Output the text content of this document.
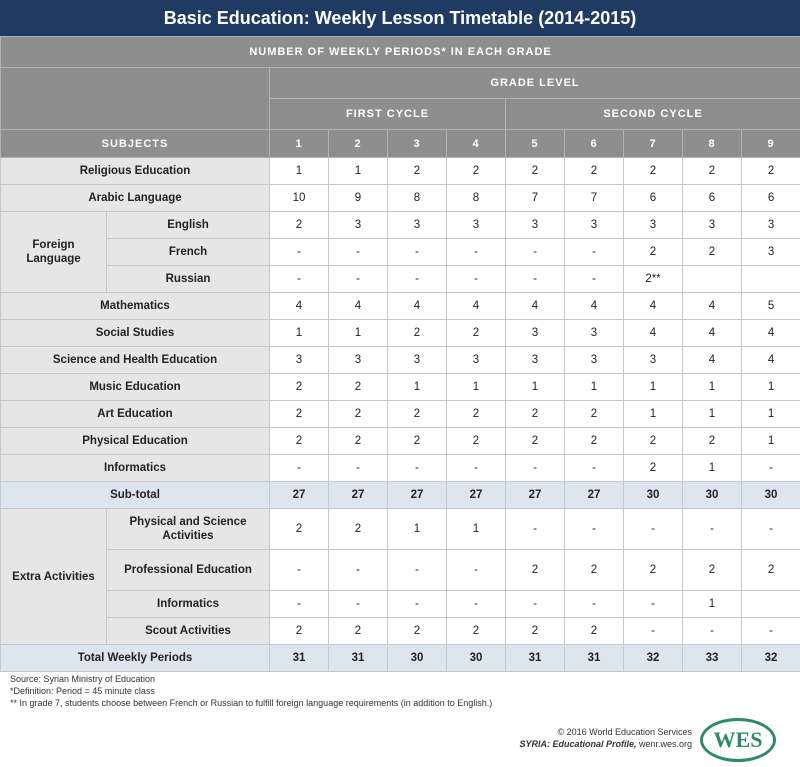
Basic Education: Weekly Lesson Timetable (2014-2015)
NUMBER OF WEEKLY PERIODS* IN EACH GRADE										
		GRADE LEVEL								
		FIRST CYCLE				SECOND CYCLE				
SUBJECTS		1	2	3	4	5	6	7	8	9
Religious Education		1	1	2	2	2	2	2	2	2
Arabic Language		10	9	8	8	7	7	6	6	6
Foreign Language	English	2	3	3	3	3	3	3	3	3
	French	-	-	-	-	-	-	2	2	3
	Russian	-	-	-	-	-	-	2**		
Mathematics		4	4	4	4	4	4	4	4	5
Social Studies		1	1	2	2	3	3	4	4	4
Science and Health Education		3	3	3	3	3	3	3	4	4
Music Education		2	2	1	1	1	1	1	1	1
Art Education		2	2	2	2	2	2	1	1	1
Physical Education		2	2	2	2	2	2	2	2	1
Informatics		-	-	-	-	-	-	2	1	-
Sub-total		27	27	27	27	27	27	30	30	30
Extra Activities	Physical and Science Activities	2	2	1	1	-	-	-	-	-
	Professional Education	-	-	-	-	2	2	2	2	2
	Informatics	-	-	-	-	-	-	-	1	
	Scout Activities	2	2	2	2	2	2	-	-	-
Total Weekly Periods		31	31	30	30	31	31	32	33	32
Source: Syrian Ministry of Education
*Definition: Period = 45 minute class
** In grade 7, students choose between French or Russian to fulfill foreign language requirements (in addition to English.)
© 2016 World Education Services
SYRIA: Educational Profile, wenr.wes.org WES
